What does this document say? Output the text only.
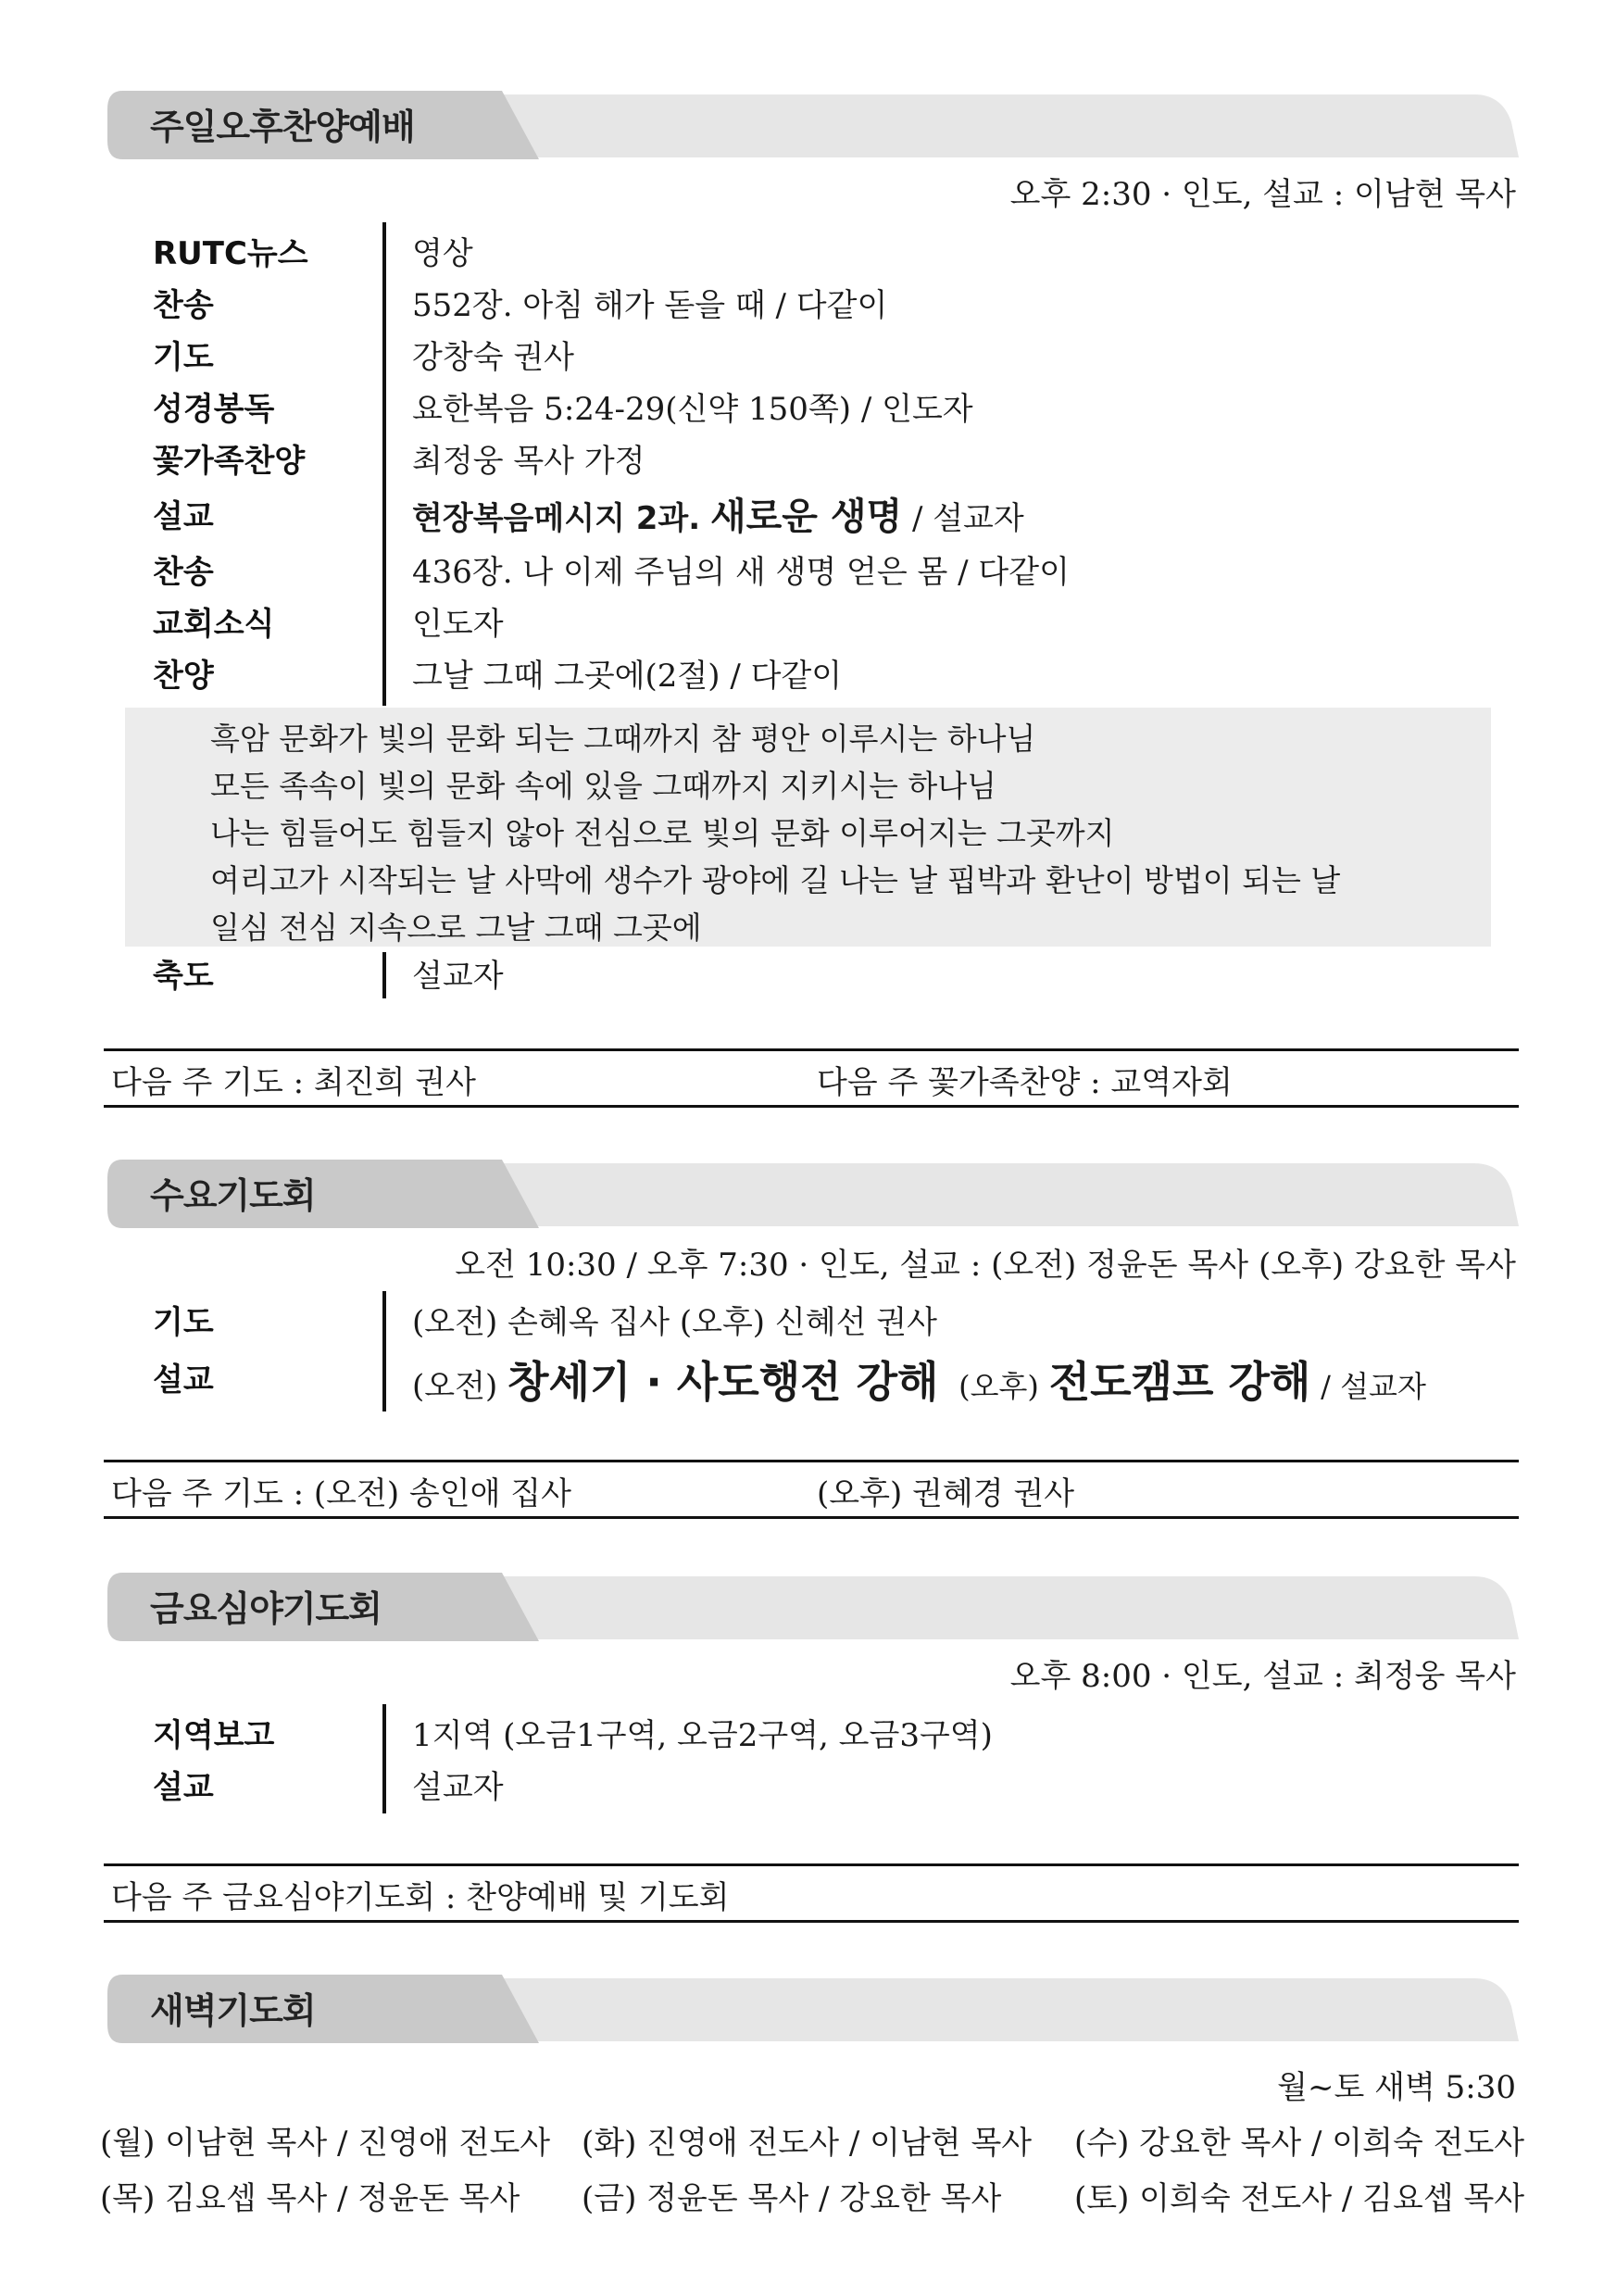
주일오후찬양예배
오후 2:30 · 인도, 설교 : 이남현 목사
RUTC뉴스	영상
찬송	552장. 아침 해가 돋을 때 / 다같이
기도	강창숙 권사
성경봉독	요한복음 5:24-29(신약 150쪽) / 인도자
꽃가족찬양	최정웅 목사 가정
설교	현장복음메시지 2과. 새로운 생명 / 설교자
찬송	436장. 나 이제 주님의 새 생명 얻은 몸 / 다같이
교회소식	인도자
찬양	그날 그때 그곳에(2절) / 다같이
흑암 문화가 빛의 문화 되는 그때까지 참 평안 이루시는 하나님
모든 족속이 빛의 문화 속에 있을 그때까지 지키시는 하나님
나는 힘들어도 힘들지 않아 전심으로 빛의 문화 이루어지는 그곳까지
여리고가 시작되는 날 사막에 생수가 광야에 길 나는 날 핍박과 환난이 방법이 되는 날
일심 전심 지속으로 그날 그때 그곳에
축도	설교자
다음 주 기도 : 최진희 권사	다음 주 꽃가족찬양 : 교역자회
수요기도회
오전 10:30 / 오후 7:30 · 인도, 설교 : (오전) 정윤돈 목사 (오후) 강요한 목사
기도	(오전) 손혜옥 집사 (오후) 신혜선 권사
설교	(오전) 창세기 · 사도행전 강해 (오후) 전도캠프 강해 / 설교자
다음 주 기도 : (오전) 송인애 집사	(오후) 권혜경 권사
금요심야기도회
오후 8:00 · 인도, 설교 : 최정웅 목사
지역보고	1지역 (오금1구역, 오금2구역, 오금3구역)
설교	설교자
다음 주 금요심야기도회 : 찬양예배 및 기도회
새벽기도회
월~토 새벽 5:30
(월) 이남현 목사 / 진영애 전도사 (화) 진영애 전도사 / 이남현 목사 (수) 강요한 목사 / 이희숙 전도사
(목) 김요셉 목사 / 정윤돈 목사 (금) 정윤돈 목사 / 강요한 목사 (토) 이희숙 전도사 / 김요셉 목사
